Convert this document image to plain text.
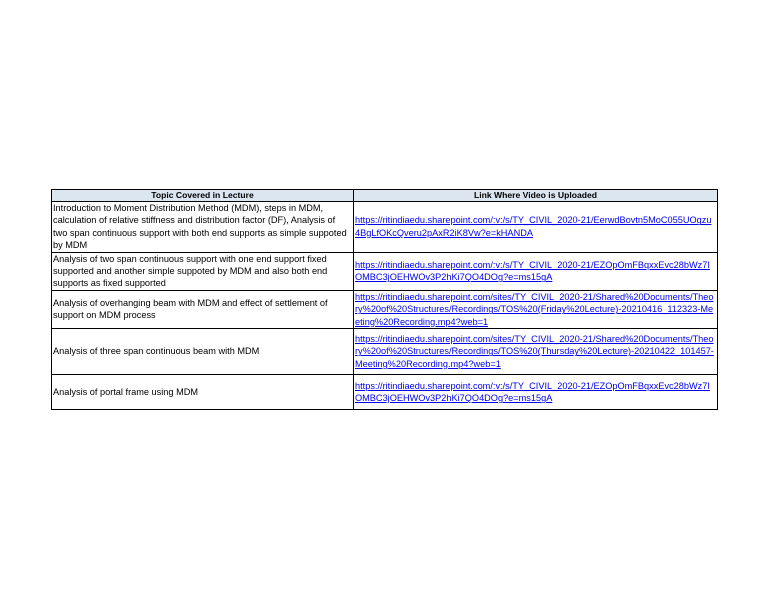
Topic Covered in Lecture	Link Where Video is Uploaded
Introduction to Moment Distribution Method (MDM), steps in MDM, calculation of relative stiffness and distribution factor (DF), Analysis of two span continuous support with both end supports as simple suppoted by MDM	https://ritindiaedu.sharepoint.com/:v:/s/TY_CIVIL_2020-21/EerwdBovtn5MoC055UOgzu4BgLfOKcQveru2pAxR2iK8Vw?e=kHANDA
Analysis of two span continuous support with one end support fixed supported and another simple suppoted by MDM and also both end supports as fixed supported	https://ritindiaedu.sharepoint.com/:v:/s/TY_CIVIL_2020-21/EZOpOmFBqxxEvc28bWz7IOMBC3jOEHWOv3P2hKi7QO4DOg?e=ms15gA
Analysis of overhanging beam with MDM and effect of settlement of support on MDM process	https://ritindiaedu.sharepoint.com/sites/TY_CIVIL_2020-21/Shared%20Documents/Theory%20of%20Structures/Recordings/TOS%20(Friday%20Lecture)-20210416_112323-Meeting%20Recording.mp4?web=1
Analysis of three span continuous beam with MDM	https://ritindiaedu.sharepoint.com/sites/TY_CIVIL_2020-21/Shared%20Documents/Theory%20of%20Structures/Recordings/TOS%20(Thursday%20Lecture)-20210422_101457-Meeting%20Recording.mp4?web=1
Analysis of portal frame using MDM	https://ritindiaedu.sharepoint.com/:v:/s/TY_CIVIL_2020-21/EZOpOmFBqxxEvc28bWz7IOMBC3jOEHWOv3P2hKi7QO4DOg?e=ms15gA
